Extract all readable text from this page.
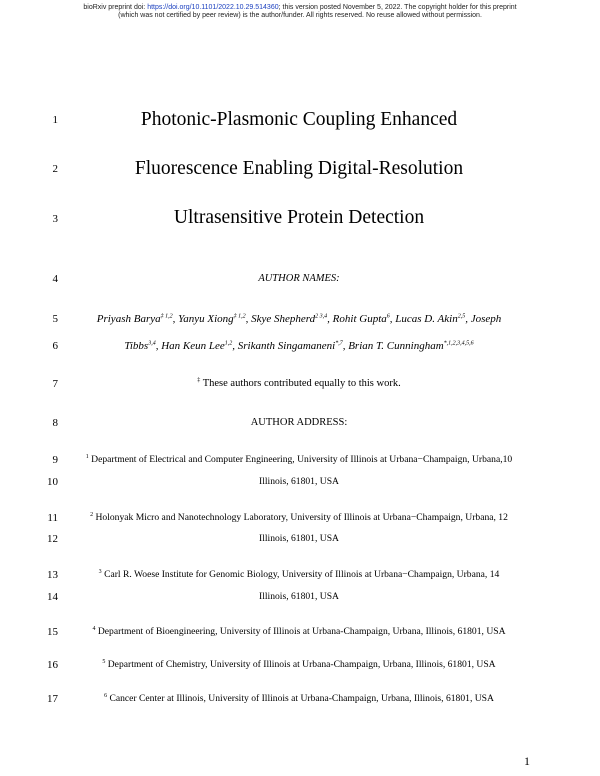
bioRxiv preprint doi: https://doi.org/10.1101/2022.10.29.514360; this version posted November 5, 2022. The copyright holder for this preprint
(which was not certified by peer review) is the author/funder. All rights reserved. No reuse allowed without permission.
1
2
3
4
5
6
7
8
9
10
11
12
13
14
15
16
17
Photonic-Plasmonic Coupling Enhanced
Fluorescence Enabling Digital-Resolution
Ultrasensitive Protein Detection
AUTHOR NAMES:
Priyash Barya$^{\ddagger 1,2}$, Yanyu Xiong$^{\ddagger 1,2}$, Skye Shepherd$^{2 3,4}$, Rohit Gupta$^6$, Lucas D. Akin$^{2,5}$, Joseph
Tibbs$^{3,4}$, Han Keun Lee$^{1,2}$, Srikanth Singamaneni$^{*,7}$, Brian T. Cunningham$^{*,1,2,3,4,5,6}$
‡ These authors contributed equally to this work.
AUTHOR ADDRESS:
$^1$ Department of Electrical and Computer Engineering, University of Illinois at Urbana−Champaign, Urbana,10
Illinois, 61801, USA
$^2$ Holonyak Micro and Nanotechnology Laboratory, University of Illinois at Urbana−Champaign, Urbana, 12
Illinois, 61801, USA
$^3$ Carl R. Woese Institute for Genomic Biology, University of Illinois at Urbana−Champaign, Urbana, 14
Illinois, 61801, USA
$^4$ Department of Bioengineering, University of Illinois at Urbana-Champaign, Urbana, Illinois, 61801, USA
$^5$ Department of Chemistry, University of Illinois at Urbana-Champaign, Urbana, Illinois, 61801, USA
$^6$ Cancer Center at Illinois, University of Illinois at Urbana-Champaign, Urbana, Illinois, 61801, USA
1
